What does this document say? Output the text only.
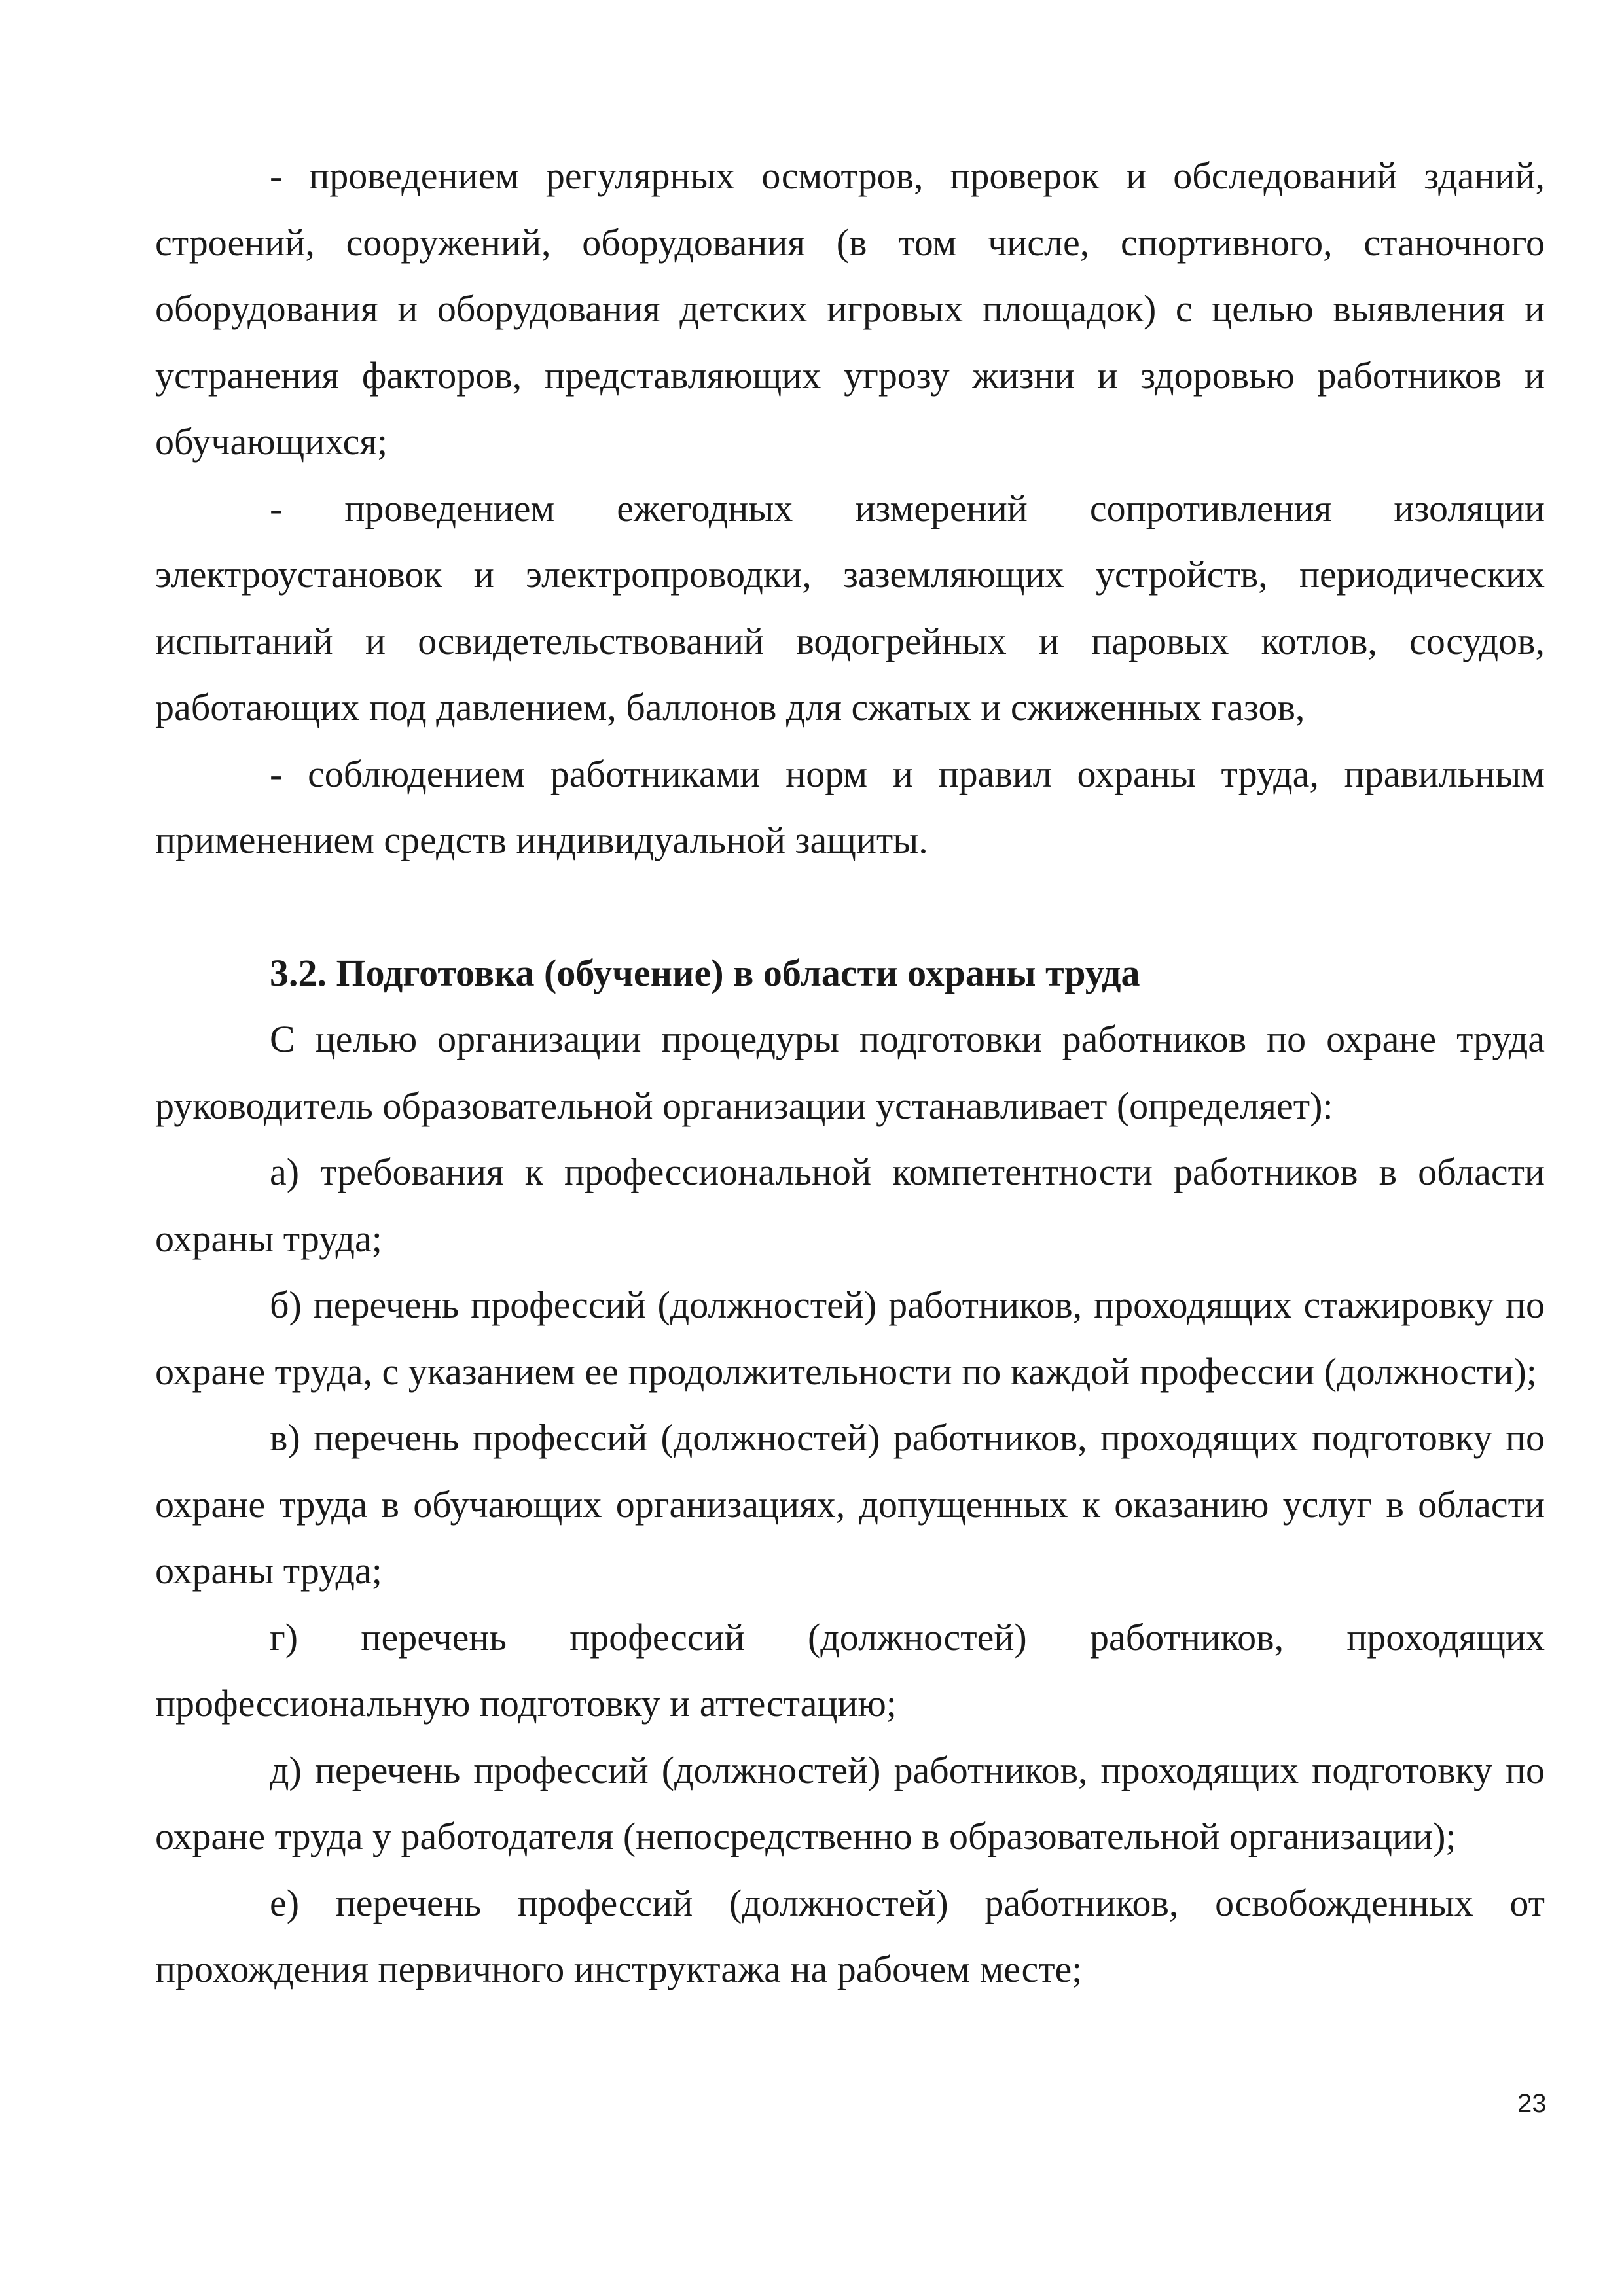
- проведением регулярных осмотров, проверок и обследований зданий, строений, сооружений, оборудования (в том числе, спортивного, станочного оборудования и оборудования детских игровых площадок) с целью выявления и устранения факторов, представляющих угрозу жизни и здоровью работников и обучающихся;

- проведением ежегодных измерений сопротивления изоляции электроустановок и электропроводки, заземляющих устройств, периодических испытаний и освидетельствований водогрейных и паровых котлов, сосудов, работающих под давлением, баллонов для сжатых и сжиженных газов,

- соблюдением работниками норм и правил охраны труда, правильным применением средств индивидуальной защиты.

3.2. Подготовка (обучение) в области охраны труда

С целью организации процедуры подготовки работников по охране труда руководитель образовательной организации устанавливает (определяет):

а) требования к профессиональной компетентности работников в области охраны труда;

б) перечень профессий (должностей) работников, проходящих стажировку по охране труда, с указанием ее продолжительности по каждой профессии (должности);

в) перечень профессий (должностей) работников, проходящих подготовку по охране труда в обучающих организациях, допущенных к оказанию услуг в области охраны труда;

г) перечень профессий (должностей) работников, проходящих профессиональную подготовку и аттестацию;

д) перечень профессий (должностей) работников, проходящих подготовку по охране труда у работодателя (непосредственно в образовательной организации);

е) перечень профессий (должностей) работников, освобожденных от прохождения первичного инструктажа на рабочем месте;

23
